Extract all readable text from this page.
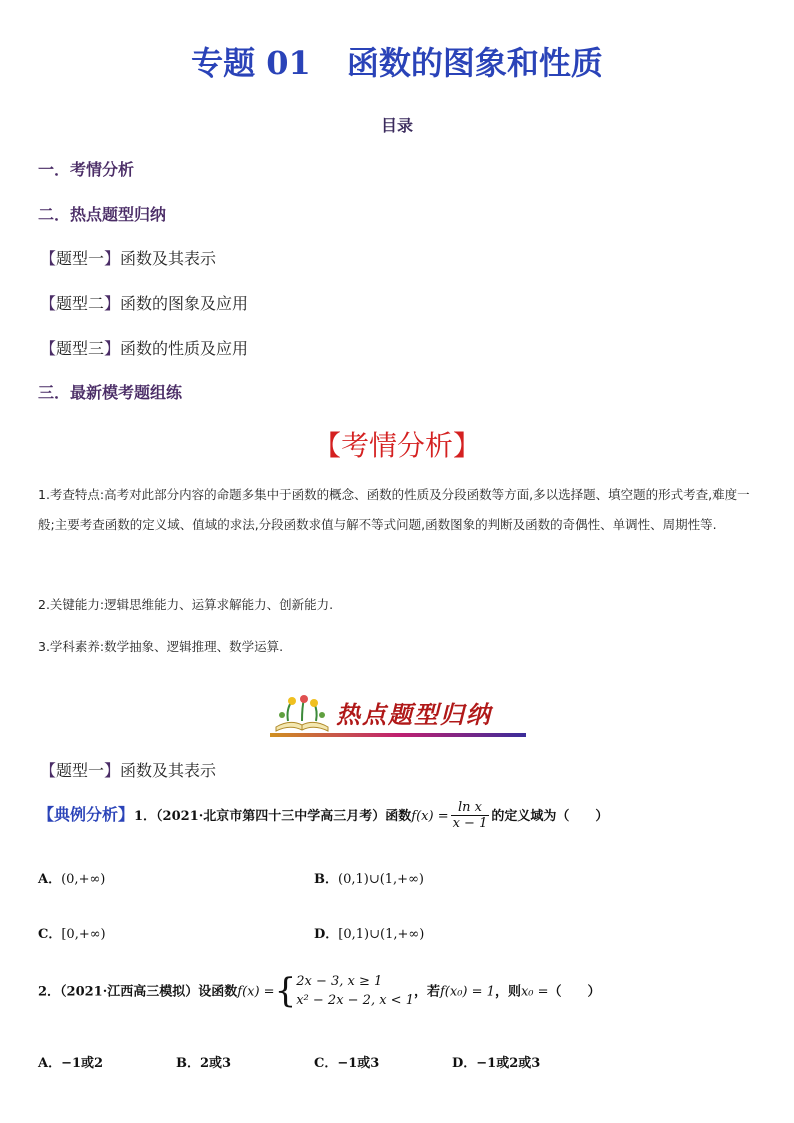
专题 01 函数的图象和性质
目录
一．考情分析
二．热点题型归纳
【题型一】函数及其表示
【题型二】函数的图象及应用
【题型三】函数的性质及应用
三．最新模考题组练
【考情分析】
1.考查特点:高考对此部分内容的命题多集中于函数的概念、函数的性质及分段函数等方面,多以选择题、填空题的形式考查,难度一般;主要考查函数的定义域、值域的求法,分段函数求值与解不等式问题,函数图象的判断及函数的奇偶性、单调性、周期性等.
2.关键能力:逻辑思维能力、运算求解能力、创新能力.
3.学科素养:数学抽象、逻辑推理、数学运算.
热点题型归纳
【题型一】函数及其表示
【典例分析】1．（2021·北京市第四十三中学高三月考）函数$f(x) = \frac{\text{ln x}}{x - 1}$ 的定义域为（　　）
A．(0,+∞)	B．(0,1)∪(1,+∞)
C．[0,+∞)	D．[0,1)∪(1,+∞)
2．（2021·江西高三模拟）设函数f(x) ={ 2x − 3, x ≥ 1
x² − 2x − 2, x < 1
，若f(x₀) = 1，则x₀ =（　　）
A．−1或2	B．2或3	C．−1或3	D．−1或2或3
